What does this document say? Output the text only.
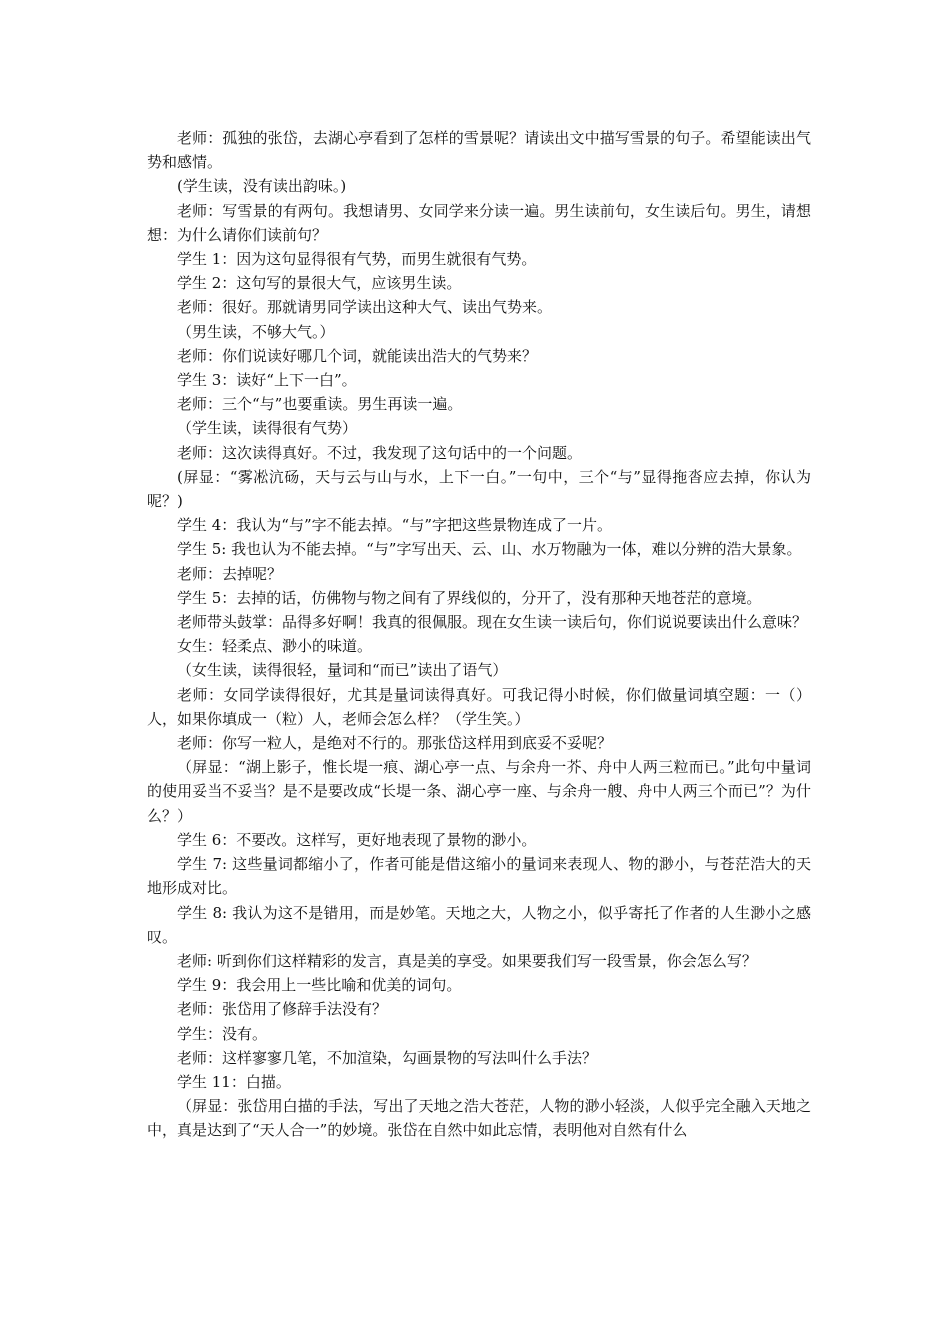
老师：孤独的张岱，去湖心亭看到了怎样的雪景呢？请读出文中描写雪景的句子。希望能读出气势和感情。

(学生读，没有读出韵味。)

老师：写雪景的有两句。我想请男、女同学来分读一遍。男生读前句，女生读后句。男生，请想想：为什么请你们读前句？

学生 1：因为这句显得很有气势，而男生就很有气势。

学生 2：这句写的景很大气，应该男生读。

老师：很好。那就请男同学读出这种大气、读出气势来。

（男生读，不够大气。）

老师：你们说读好哪几个词，就能读出浩大的气势来？

学生 3：读好“上下一白”。

老师：三个“与”也要重读。男生再读一遍。

（学生读，读得很有气势）

老师：这次读得真好。不过，我发现了这句话中的一个问题。

(屏显：“雾凇沆砀，天与云与山与水，上下一白。”一句中，三个“与”显得拖沓应去掉，你认为呢？)

学生 4：我认为“与”字不能去掉。“与”字把这些景物连成了一片。

学生 5: 我也认为不能去掉。“与”字写出天、云、山、水万物融为一体，难以分辨的浩大景象。

老师：去掉呢？

学生 5：去掉的话，仿佛物与物之间有了界线似的，分开了，没有那种天地苍茫的意境。

老师带头鼓掌：品得多好啊！我真的很佩服。现在女生读一读后句，你们说说要读出什么意味？

女生：轻柔点、渺小的味道。

（女生读，读得很轻，量词和“而已”读出了语气）

老师：女同学读得很好，尤其是量词读得真好。可我记得小时候，你们做量词填空题：一（）人，如果你填成一（粒）人，老师会怎么样？（学生笑。）

老师：你写一粒人，是绝对不行的。那张岱这样用到底妥不妥呢？

（屏显：“湖上影子，惟长堤一痕、湖心亭一点、与余舟一芥、舟中人两三粒而已。”此句中量词的使用妥当不妥当？是不是要改成“长堤一条、湖心亭一座、与余舟一艘、舟中人两三个而已”？为什么？）

学生 6：不要改。这样写，更好地表现了景物的渺小。

学生 7: 这些量词都缩小了，作者可能是借这缩小的量词来表现人、物的渺小，与苍茫浩大的天地形成对比。

学生 8: 我认为这不是错用，而是妙笔。天地之大，人物之小，似乎寄托了作者的人生渺小之感叹。

老师: 听到你们这样精彩的发言，真是美的享受。如果要我们写一段雪景，你会怎么写？

学生 9：我会用上一些比喻和优美的词句。

老师：张岱用了修辞手法没有？

学生：没有。

老师：这样寥寥几笔，不加渲染，勾画景物的写法叫什么手法？

学生 11：白描。

（屏显：张岱用白描的手法，写出了天地之浩大苍茫，人物的渺小轻淡，人似乎完全融入天地之中，真是达到了“天人合一”的妙境。张岱在自然中如此忘情，表明他对自然有什么
